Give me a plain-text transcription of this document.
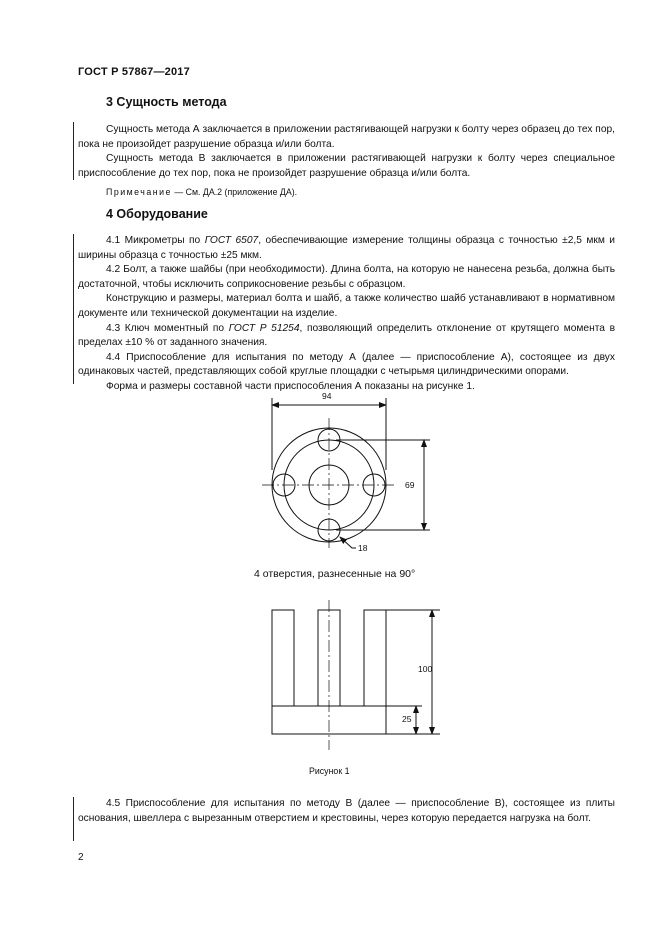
ГОСТ Р 57867—2017
3 Сущность метода

Сущность метода А заключается в приложении растягивающей нагрузки к болту через образец до тех пор, пока не произойдет разрушение образца и/или болта.

Сущность метода В заключается в приложении растягивающей нагрузки к болту через специальное приспособление до тех пор, пока не произойдет разрушение образца и/или болта.

Примечание — См. ДА.2 (приложение ДА).

4 Оборудование

4.1 Микрометры по ГОСТ 6507, обеспечивающие измерение толщины образца с точностью ±2,5 мкм и ширины образца с точностью ±25 мкм.

4.2 Болт, а также шайбы (при необходимости). Длина болта, на которую не нанесена резьба, должна быть достаточной, чтобы исключить соприкосновение резьбы с образцом.

Конструкцию и размеры, материал болта и шайб, а также количество шайб устанавливают в нормативном документе или технической документации на изделие.

4.3 Ключ моментный по ГОСТ Р 51254, позволяющий определить отклонение от крутящего момента в пределах ±10 % от заданного значения.

4.4 Приспособление для испытания по методу А (далее — приспособление А), состоящее из двух одинаковых частей, представляющих собой круглые площадки с четырьмя цилиндрическими опорами.

Форма и размеры составной части приспособления А показаны на рисунке 1.

94
69
18
4 отверстия, разнесенные на 90°
100
25
Рисунок 1

4.5 Приспособление для испытания по методу В (далее — приспособление В), состоящее из плиты основания, швеллера с вырезанным отверстием и крестовины, через которую передается нагрузка на болт.

2
